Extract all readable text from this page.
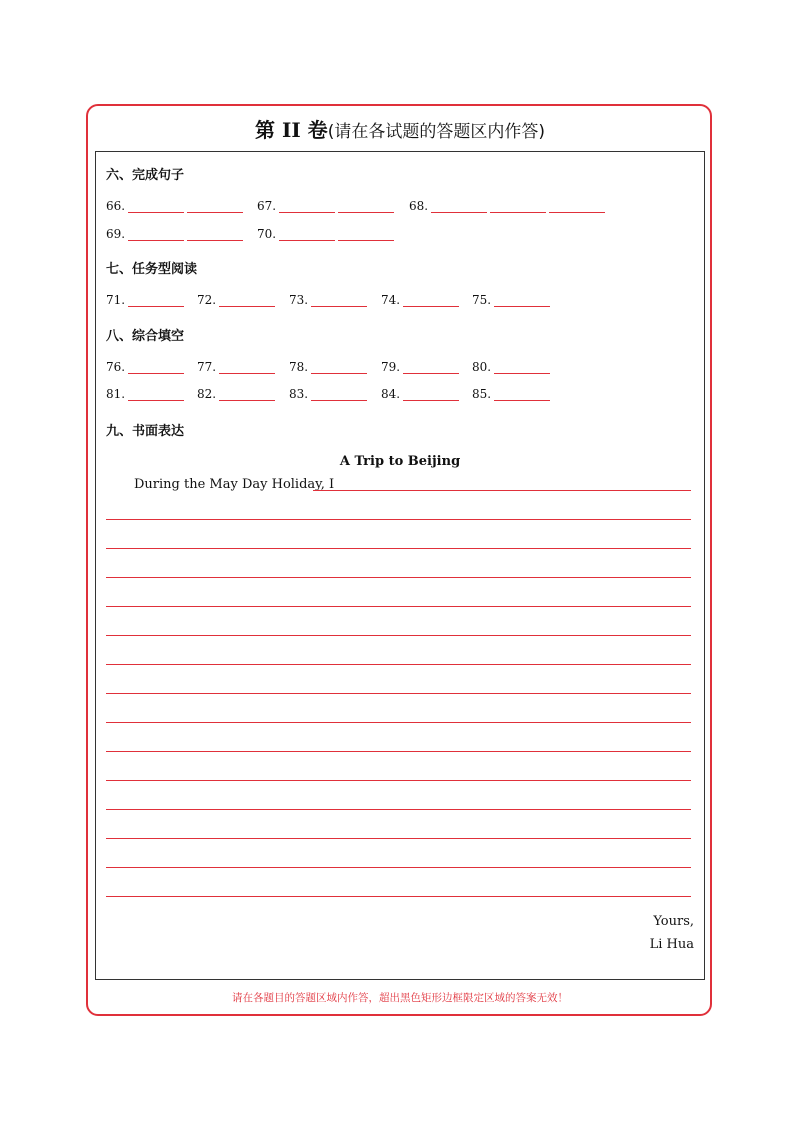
第 II 卷(请在各试题的答题区内作答)
六、完成句子
七、任务型阅读
八、综合填空
九、书面表达
66.	67.	68.
69.	70.
71.	72.	73.	74.	75.
76.	77.	78.	79.	80.
81.	82.	83.	84.	85.
A Trip to Beijing
During the May Day Holiday, I
Yours,
Li Hua
请在各题目的答题区域内作答，超出黑色矩形边框限定区域的答案无效！
